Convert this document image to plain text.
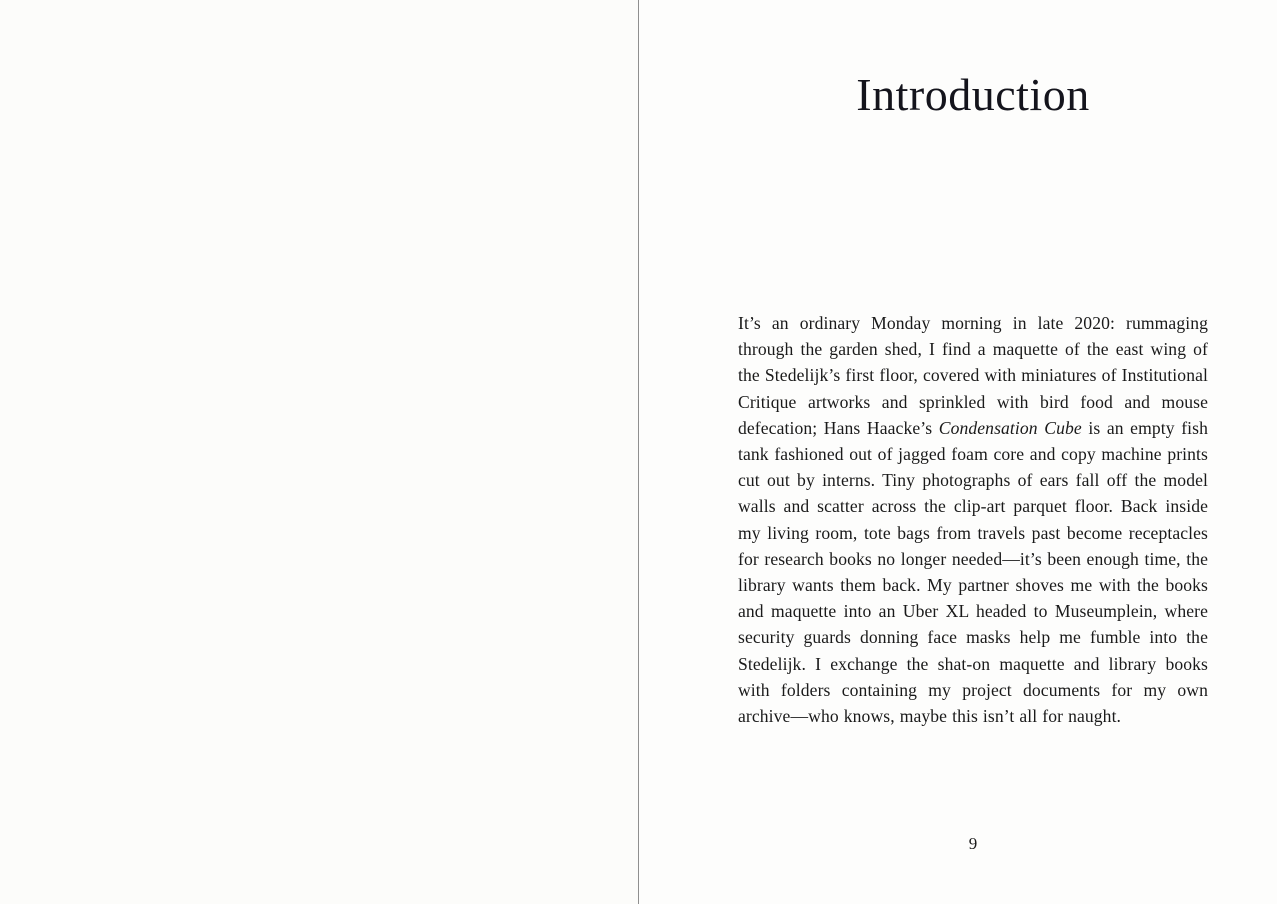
Introduction

It’s an ordinary Monday morning in late 2020: rummaging through the garden shed, I find a maquette of the east wing of the Stedelijk’s first floor, covered with miniatures of Institutional Critique artworks and sprinkled with bird food and mouse defecation; Hans Haacke’s Condensation Cube is an empty fish tank fashioned out of jagged foam core and copy machine prints cut out by interns. Tiny photographs of ears fall off the model walls and scatter across the clip-art parquet floor. Back inside my living room, tote bags from travels past become receptacles for research books no longer needed—it’s been enough time, the library wants them back. My partner shoves me with the books and maquette into an Uber XL headed to Museumplein, where security guards donning face masks help me fumble into the Stedelijk. I exchange the shat-on maquette and library books with folders containing my project documents for my own archive—who knows, maybe this isn’t all for naught.

9
